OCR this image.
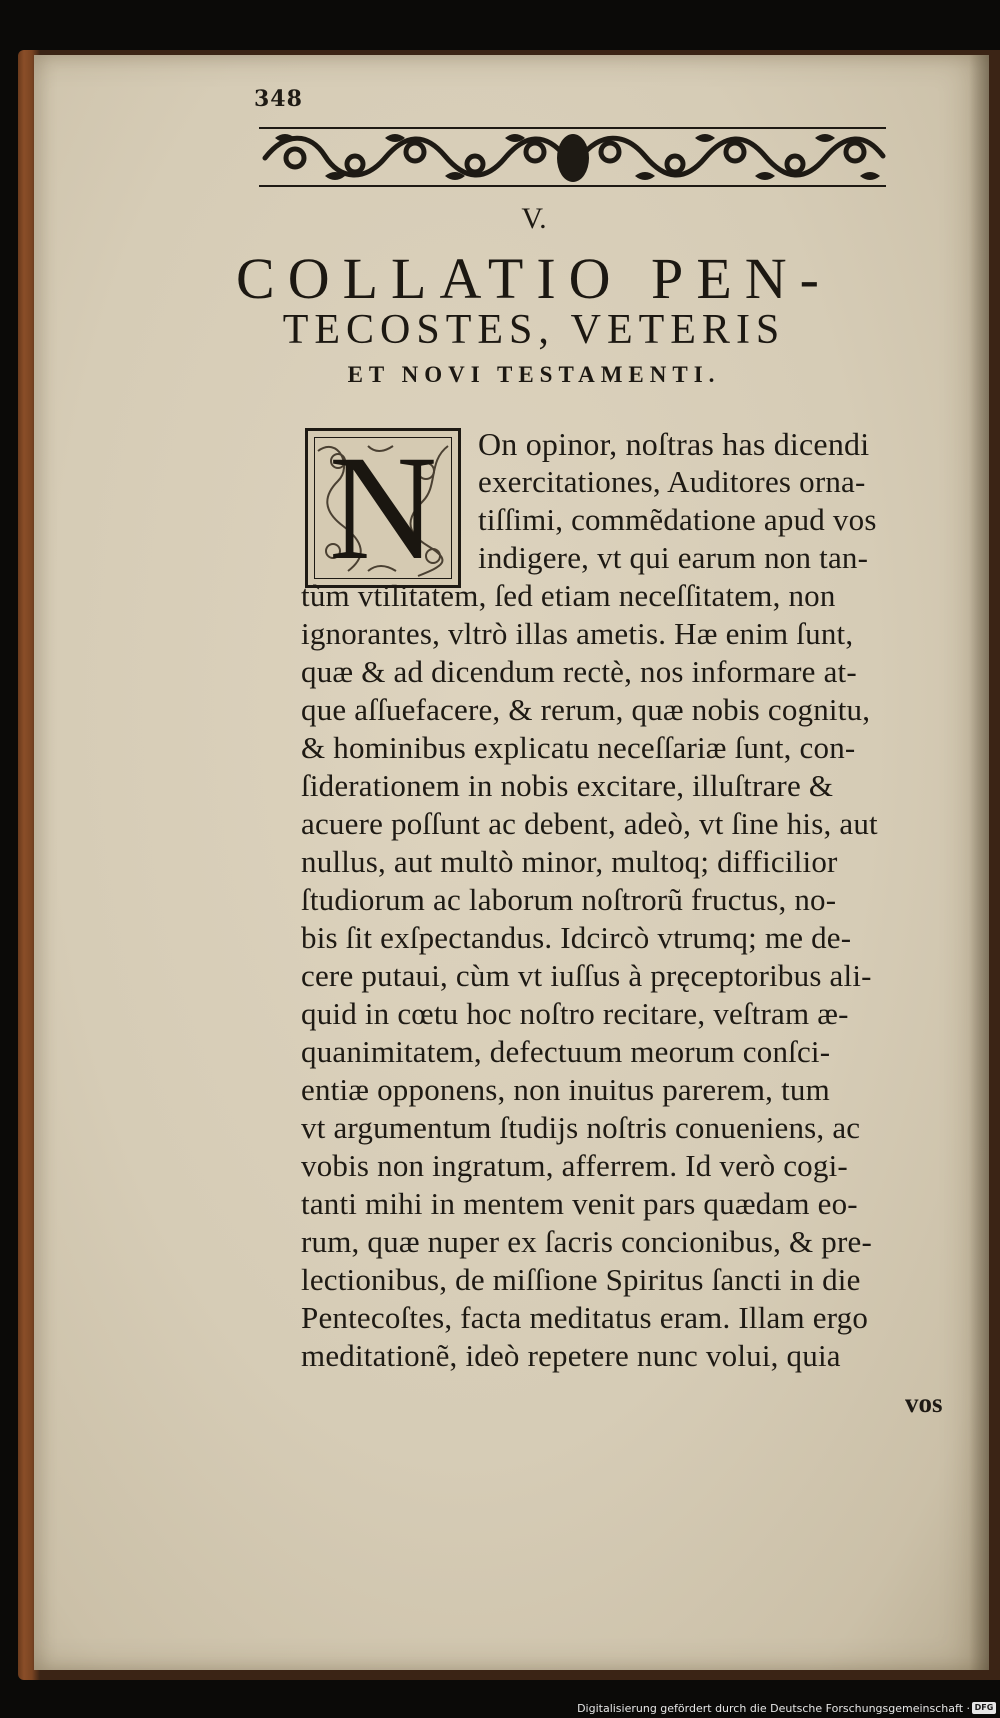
348
V.
COLLATIO PEN-
TECOSTES, VETERIS
ET NOVI TESTAMENTI.
N	On opinor, noſtras has dicendi
exercitationes, Auditores orna-
tiſſimi, commẽdatione apud vos
indigere, vt qui earum non tan-
tùm vtilitatem, ſed etiam neceſſitatem, non
ignorantes, vltrò illas ametis. Hæ enim ſunt,
quæ & ad dicendum rectè, nos informare at-
que aſſuefacere, & rerum, quæ nobis cognitu,
& hominibus explicatu neceſſariæ ſunt, con-
ſiderationem in nobis excitare, illuſtrare &
acuere poſſunt ac debent, adeò, vt ſine his, aut
nullus, aut multò minor, multoq; difficilior
ſtudiorum ac laborum noſtrorũ fructus, no-
bis ſit exſpectandus. Idcircò vtrumq; me de-
cere putaui, cùm vt iuſſus à pręceptoribus ali-
quid in cœtu hoc noſtro recitare, veſtram æ-
quanimitatem, defectuum meorum conſci-
entiæ opponens, non inuitus parerem, tum
vt argumentum ſtudijs noſtris conueniens, ac
vobis non ingratum, afferrem. Id verò cogi-
tanti mihi in mentem venit pars quædam eo-
rum, quæ nuper ex ſacris concionibus, & pre-
lectionibus, de miſſione Spiritus ſancti in die
Pentecoſtes, facta meditatus eram. Illam ergo
meditationẽ, ideò repetere nunc volui, quia
vos
Digitalisierung gefördert durch die Deutsche Forschungsgemeinschaft · DFG
